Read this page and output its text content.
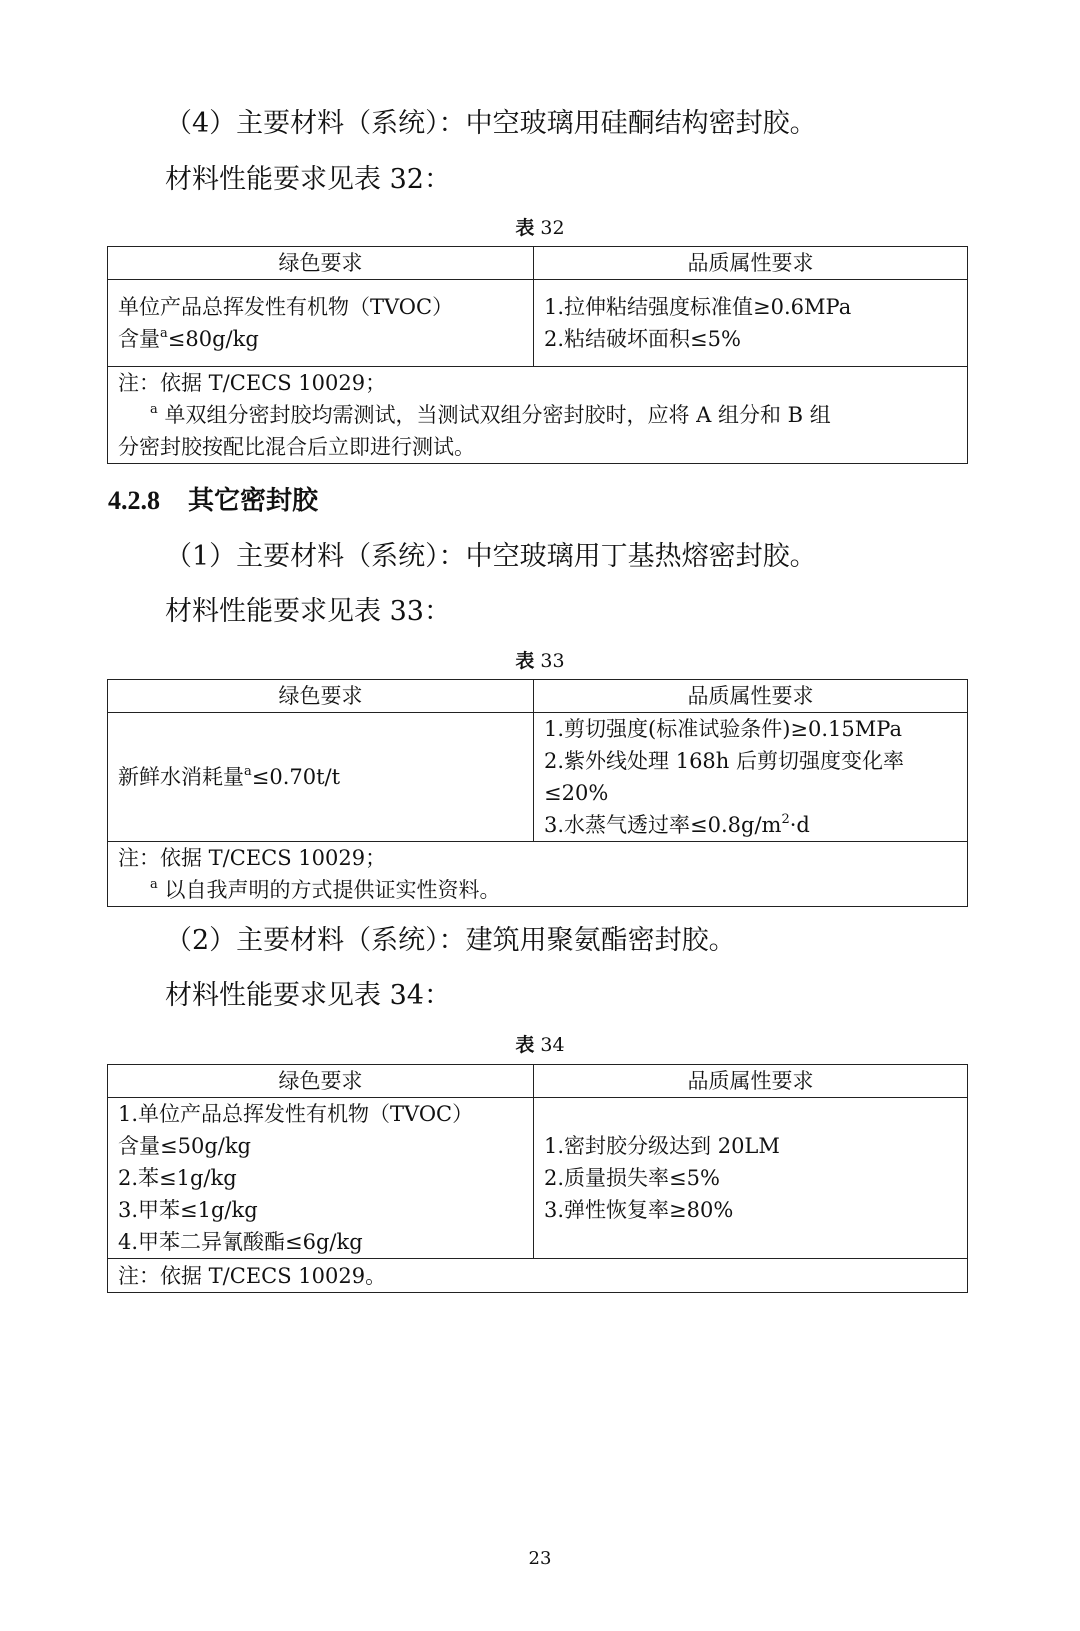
（4）主要材料（系统）：中空玻璃用硅酮结构密封胶。
材料性能要求见表 32：
表 32
绿色要求	品质属性要求

单位产品总挥发性有机物（TVOC）
含量$^a$≤80g/kg	1.拉伸粘结强度标准值≥0.6MPa
2.粘结破坏面积≤5%

注：依据 T/CECS 10029；
$^a$ 单双组分密封胶均需测试，当测试双组分密封胶时，应将 A 组分和 B 组
分密封胶按配比混合后立即进行测试。	
4.2.8 其它密封胶
（1）主要材料（系统）：中空玻璃用丁基热熔密封胶。
材料性能要求见表 33：
表 33
绿色要求	品质属性要求

新鲜水消耗量$^a$≤0.70t/t	1.剪切强度(标准试验条件)≥0.15MPa
2.紫外线处理 168h 后剪切强度变化率
≤20%
3.水蒸气透过率$\le 0.8g/m^2\cdot d$

注：依据 T/CECS 10029；
$^a$ 以自我声明的方式提供证实性资料。	
（2）主要材料（系统）：建筑用聚氨酯密封胶。
材料性能要求见表 34：
表 34
绿色要求	品质属性要求

1.单位产品总挥发性有机物（TVOC）
含量≤50g/kg
2.苯≤1g/kg
3.甲苯≤1g/kg
4.甲苯二异氰酸酯≤6g/kg	1.密封胶分级达到 20LM
2.质量损失率≤5%
3.弹性恢复率≥80%

注：依据 T/CECS 10029。	
23
